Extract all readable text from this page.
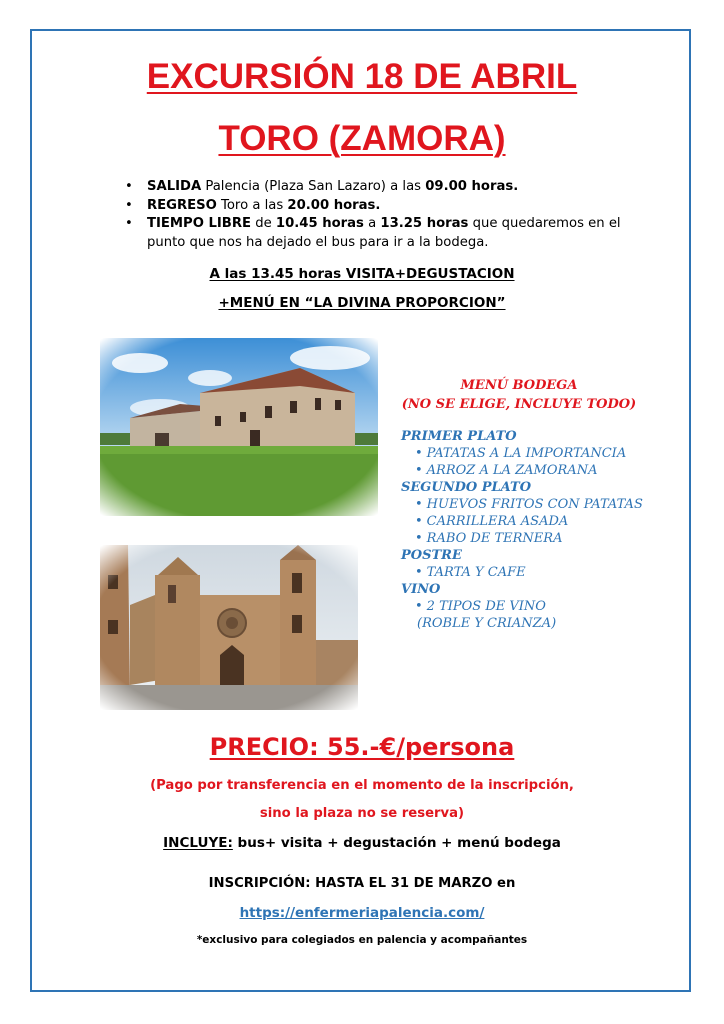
EXCURSIÓN 18 DE ABRIL
TORO (ZAMORA)
• SALIDA Palencia (Plaza San Lazaro) a las 09.00 horas.
• REGRESO Toro a las 20.00 horas.
• TIEMPO LIBRE de 10.45 horas a 13.25 horas que quedaremos en el punto que nos ha dejado el bus para ir a la bodega.
A las 13.45 horas VISITA+DEGUSTACION
+MENÚ EN “LA DIVINA PROPORCION”
MENÚ BODEGA
(NO SE ELIGE, INCLUYE TODO)
PRIMER PLATO
• PATATAS A LA IMPORTANCIA
• ARROZ A LA ZAMORANA
SEGUNDO PLATO
• HUEVOS FRITOS CON PATATAS
• CARRILLERA ASADA
• RABO DE TERNERA
POSTRE
• TARTA Y CAFE
VINO
• 2 TIPOS DE VINO
(ROBLE Y CRIANZA)
PRECIO: 55.-€/persona
(Pago por transferencia en el momento de la inscripción,
sino la plaza no se reserva)
INCLUYE: bus+ visita + degustación + menú bodega
INSCRIPCIÓN: HASTA EL 31 DE MARZO en
https://enfermeriapalencia.com/
*exclusivo para colegiados en palencia y acompañantes
